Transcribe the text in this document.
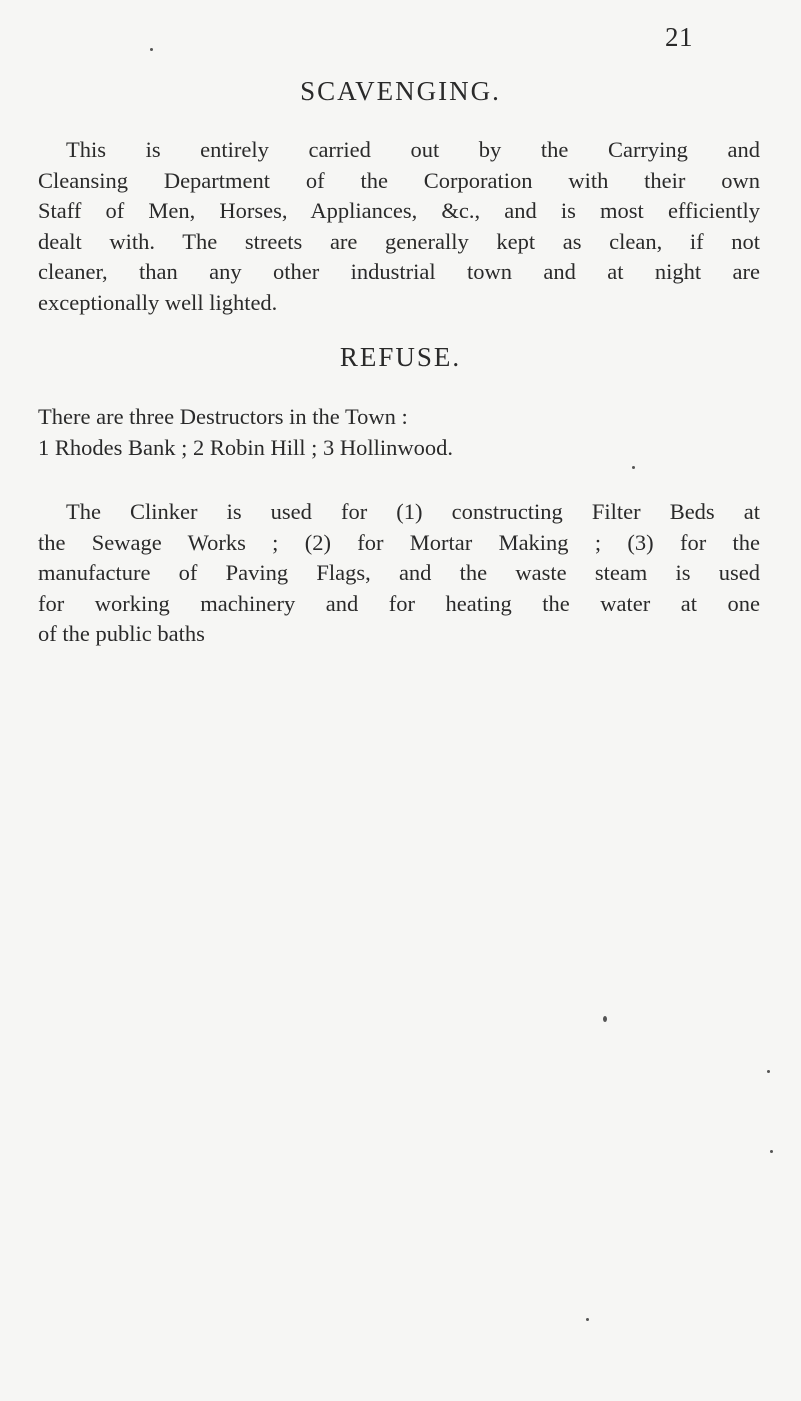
21
SCAVENGING.

This is entirely carried out by the Carrying and
Cleansing Department of the Corporation with their own
Staff of Men, Horses, Appliances, &c., and is most efficiently
dealt with. The streets are generally kept as clean, if not
cleaner, than any other industrial town and at night are
exceptionally well lighted.

REFUSE.

There are three Destructors in the Town :
1 Rhodes Bank ; 2 Robin Hill ; 3 Hollinwood.

The Clinker is used for (1) constructing Filter Beds at
the Sewage Works ; (2) for Mortar Making ; (3) for the
manufacture of Paving Flags, and the waste steam is used
for working machinery and for heating the water at one
of the public baths
